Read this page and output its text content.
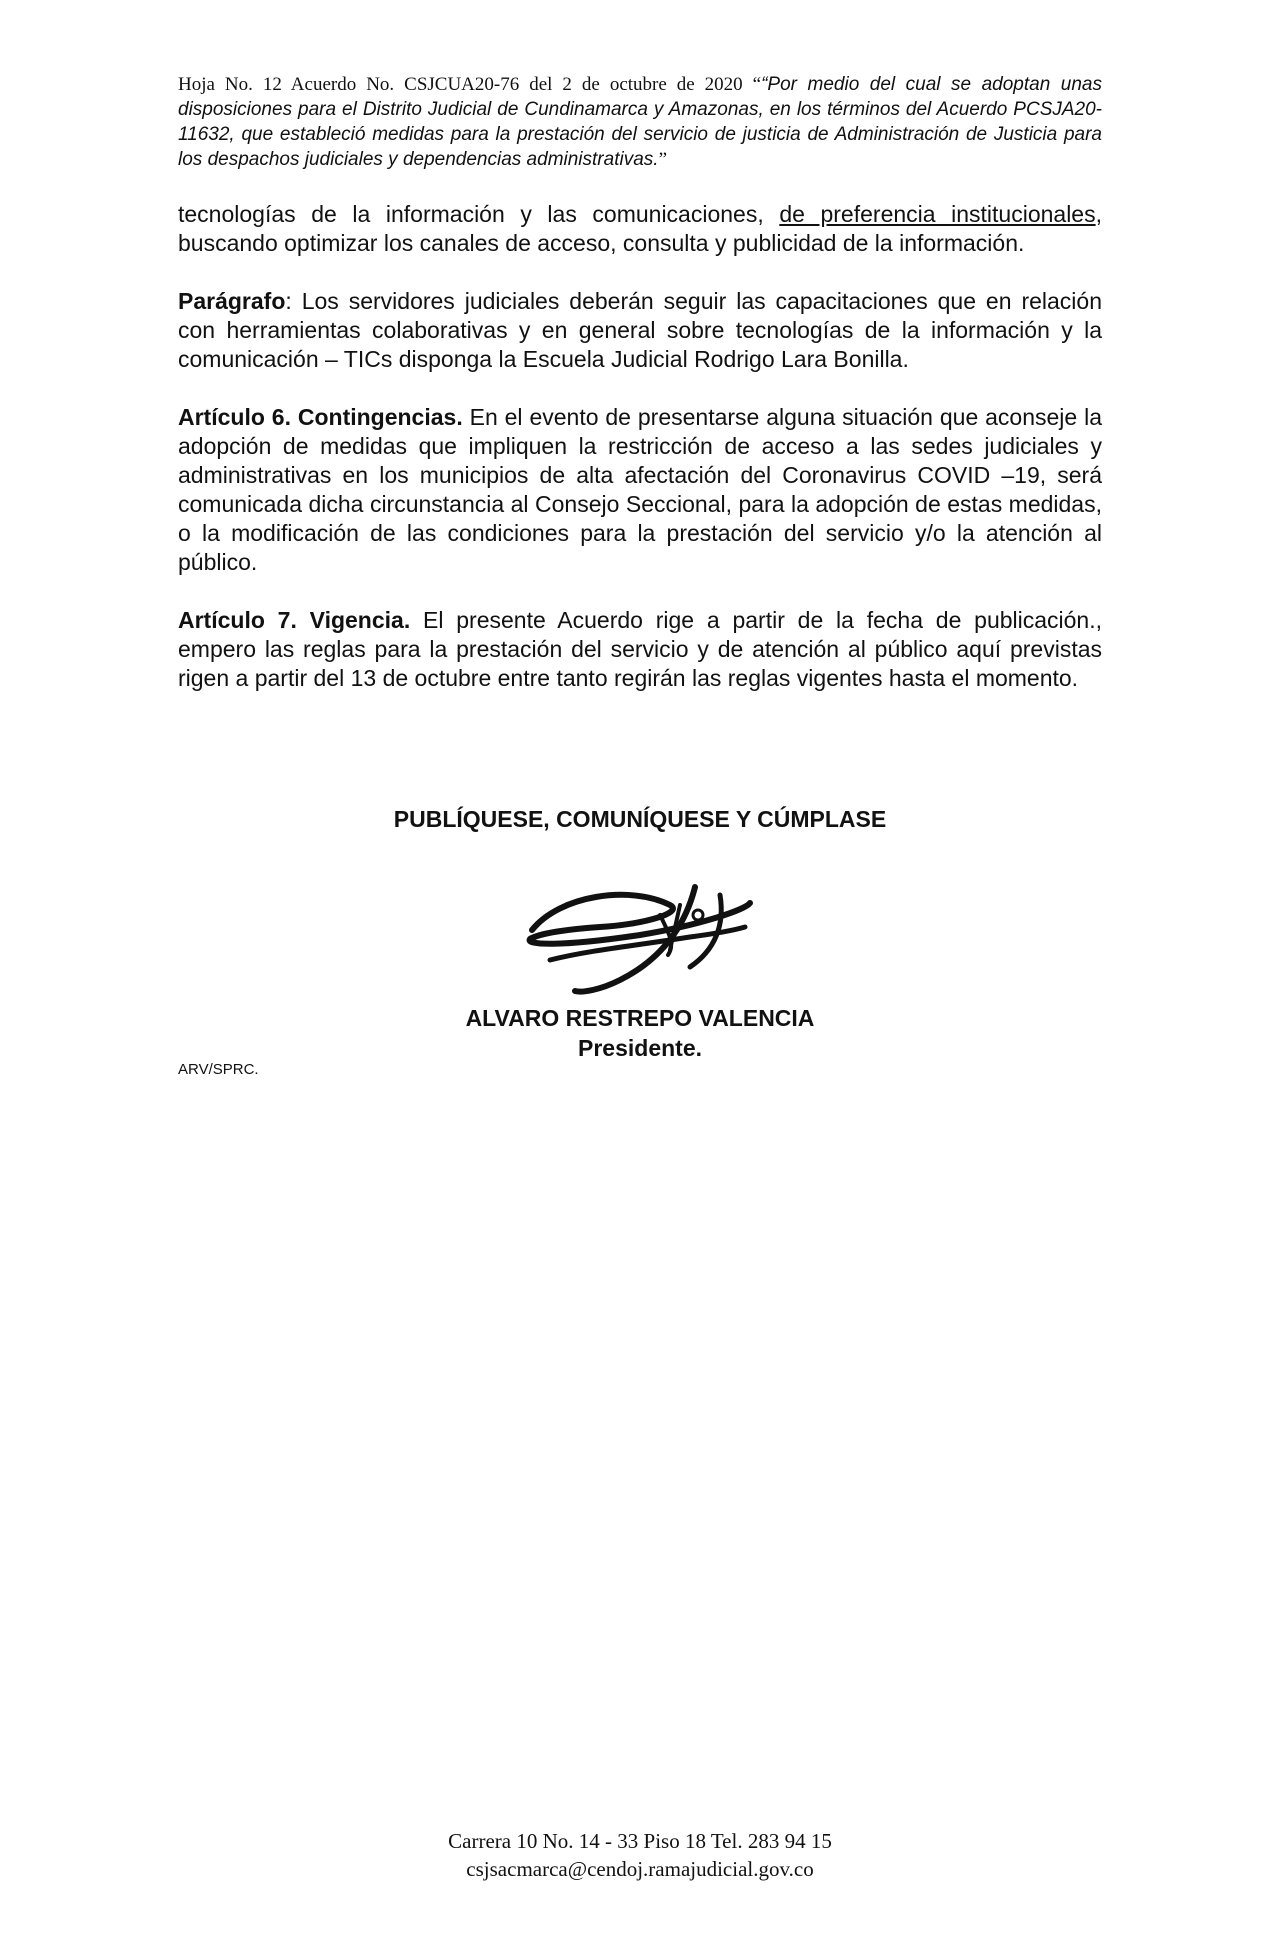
Hoja No. 12 Acuerdo No. CSJCUA20-76 del 2 de octubre de 2020 ““Por medio del cual se adoptan unas disposiciones para el Distrito Judicial de Cundinamarca y Amazonas, en los términos del Acuerdo PCSJA20-11632, que estableció medidas para la prestación del servicio de justicia de Administración de Justicia para los despachos judiciales y dependencias administrativas.”

tecnologías de la información y las comunicaciones, de preferencia institucionales, buscando optimizar los canales de acceso, consulta y publicidad de la información.

Parágrafo: Los servidores judiciales deberán seguir las capacitaciones que en relación con herramientas colaborativas y en general sobre tecnologías de la información y la comunicación – TICs disponga la Escuela Judicial Rodrigo Lara Bonilla.

Artículo 6. Contingencias. En el evento de presentarse alguna situación que aconseje la adopción de medidas que impliquen la restricción de acceso a las sedes judiciales y administrativas en los municipios de alta afectación del Coronavirus COVID –19, será comunicada dicha circunstancia al Consejo Seccional, para la adopción de estas medidas, o la modificación de las condiciones para la prestación del servicio y/o la atención al público.

Artículo 7. Vigencia. El presente Acuerdo rige a partir de la fecha de publicación., empero las reglas para la prestación del servicio y de atención al público aquí previstas rigen a partir del 13 de octubre entre tanto regirán las reglas vigentes hasta el momento.

PUBLÍQUESE, COMUNÍQUESE Y CÚMPLASE
ALVARO RESTREPO VALENCIA
Presidente.
ARV/SPRC.
Carrera 10 No. 14 - 33 Piso 18 Tel. 283 94 15
csjsacmarca@cendoj.ramajudicial.gov.co
